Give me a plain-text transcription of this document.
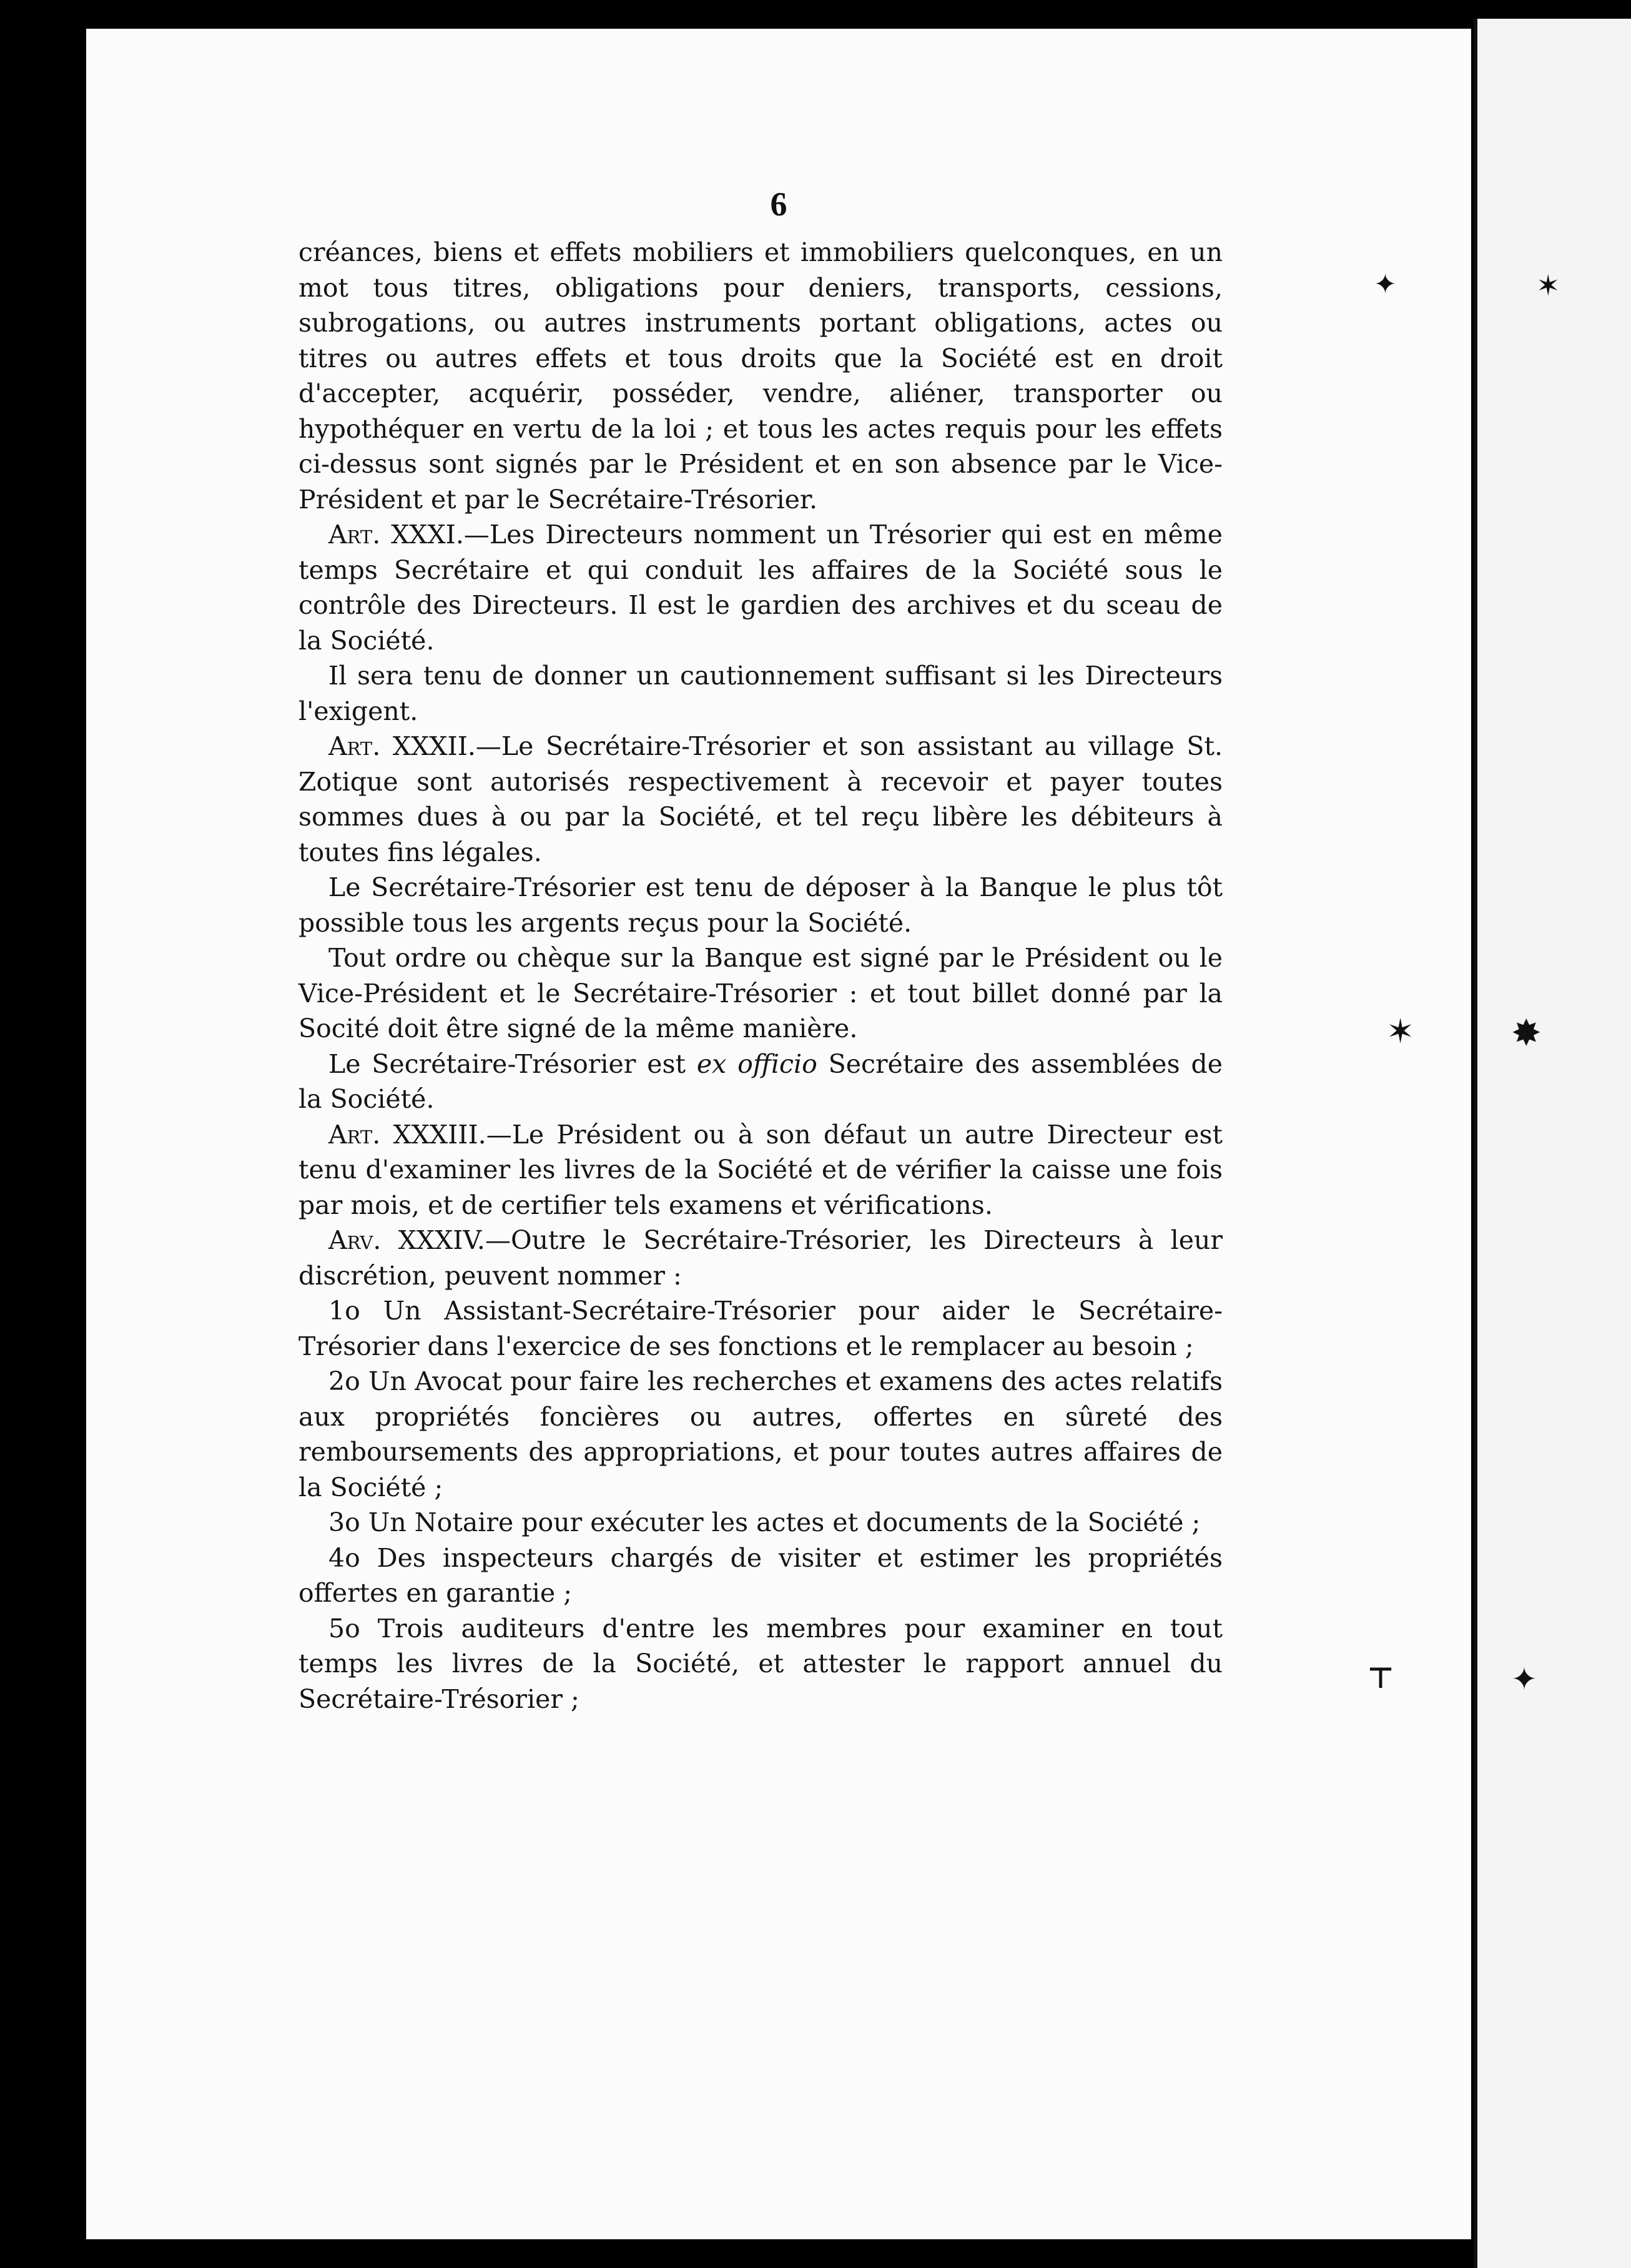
6

créances, biens et effets mobiliers et immobiliers quelconques, en un mot tous titres, obligations pour deniers, transports, cessions, subrogations, ou autres instruments portant obligations, actes ou titres ou autres effets et tous droits que la Société est en droit d'accepter, acquérir, posséder, vendre, aliéner, transporter ou hypothéquer en vertu de la loi ; et tous les actes requis pour les effets ci-dessus sont signés par le Président et en son absence par le Vice-Président et par le Secrétaire-Trésorier.

Art. XXXI.—Les Directeurs nomment un Trésorier qui est en même temps Secrétaire et qui conduit les affaires de la Société sous le contrôle des Directeurs. Il est le gardien des archives et du sceau de la Société.

Il sera tenu de donner un cautionnement suffisant si les Directeurs l'exigent.

Art. XXXII.—Le Secrétaire-Trésorier et son assistant au village St. Zotique sont autorisés respectivement à recevoir et payer toutes sommes dues à ou par la Société, et tel reçu libère les débiteurs à toutes fins légales.

Le Secrétaire-Trésorier est tenu de déposer à la Banque le plus tôt possible tous les argents reçus pour la Société.

Tout ordre ou chèque sur la Banque est signé par le Président ou le Vice-Président et le Secrétaire-Trésorier : et tout billet donné par la Socité doit être signé de la même manière.

Le Secrétaire-Trésorier est ex officio Secrétaire des assemblées de la Société.

Art. XXXIII.—Le Président ou à son défaut un autre Directeur est tenu d'examiner les livres de la Société et de vérifier la caisse une fois par mois, et de certifier tels examens et vérifications.

Arv. XXXIV.—Outre le Secrétaire-Trésorier, les Directeurs à leur discrétion, peuvent nommer :

1o Un Assistant-Secrétaire-Trésorier pour aider le Secrétaire-Trésorier dans l'exercice de ses fonctions et le remplacer au besoin ;

2o Un Avocat pour faire les recherches et examens des actes relatifs aux propriétés foncières ou autres, offertes en sûreté des remboursements des appropriations, et pour toutes autres affaires de la Société ;

3o Un Notaire pour exécuter les actes et documents de la Société ;

4o Des inspecteurs chargés de visiter et estimer les propriétés offertes en garantie ;

5o Trois auditeurs d'entre les membres pour examiner en tout temps les livres de la Société, et attester le rapport annuel du Secrétaire-Trésorier ;

✦	✶
✶	✸
⊤	✦
